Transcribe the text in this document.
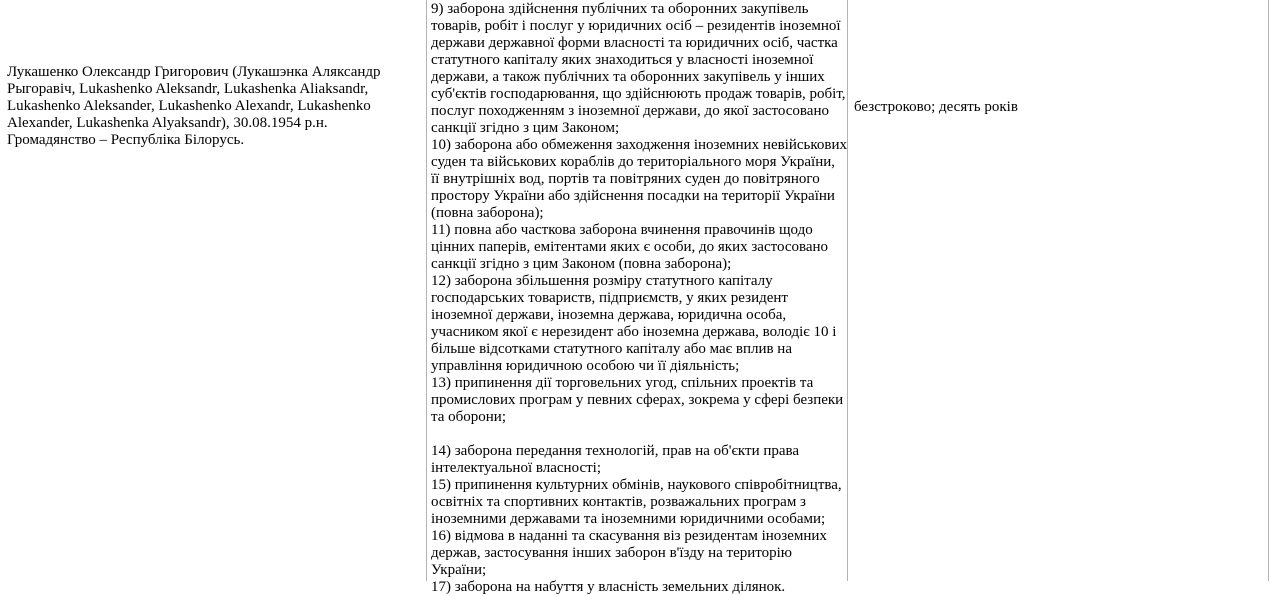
Лукашенко Олександр Григорович (Лукашэнка Аляксандр Рыгоравіч, Lukashenko Aleksandr, Lukashenka Aliaksandr, Lukashenko Aleksander, Lukashenko Alexandr, Lukashenko Alexander, Lukashenka Alyaksandr), 30.08.1954 р.н.

Громадянство – Республіка Білорусь.

9) заборона здійснення публічних та оборонних закупівель товарів, робіт і послуг у юридичних осіб – резидентів іноземної держави державної форми власності та юридичних осіб, частка статутного капіталу яких знаходиться у власності іноземної держави, а також публічних та оборонних закупівель у інших суб'єктів господарювання, що здійснюють продаж товарів, робіт, послуг походженням з іноземної держави, до якої застосовано санкції згідно з цим Законом;

10) заборона або обмеження заходження іноземних невійськових суден та військових кораблів до територіального моря України, її внутрішніх вод, портів та повітряних суден до повітряного простору України або здійснення посадки на території України (повна заборона);

11) повна або часткова заборона вчинення правочинів щодо цінних паперів, емітентами яких є особи, до яких застосовано санкції згідно з цим Законом (повна заборона);

12) заборона збільшення розміру статутного капіталу господарських товариств, підприємств, у яких резидент іноземної держави, іноземна держава, юридична особа, учасником якої є нерезидент або іноземна держава, володіє 10 і більше відсотками статутного капіталу або має вплив на управління юридичною особою чи її діяльність;

13) припинення дії торговельних угод, спільних проектів та промислових програм у певних сферах, зокрема у сфері безпеки та оборони;

14) заборона передання технологій, прав на об'єкти права інтелектуальної власності;

15) припинення культурних обмінів, наукового співробітництва, освітніх та спортивних контактів, розважальних програм з іноземними державами та іноземними юридичними особами;

16) відмова в наданні та скасування віз резидентам іноземних держав, застосування інших заборон в'їзду на територію України;

17) заборона на набуття у власність земельних ділянок.

безстроково; десять років
